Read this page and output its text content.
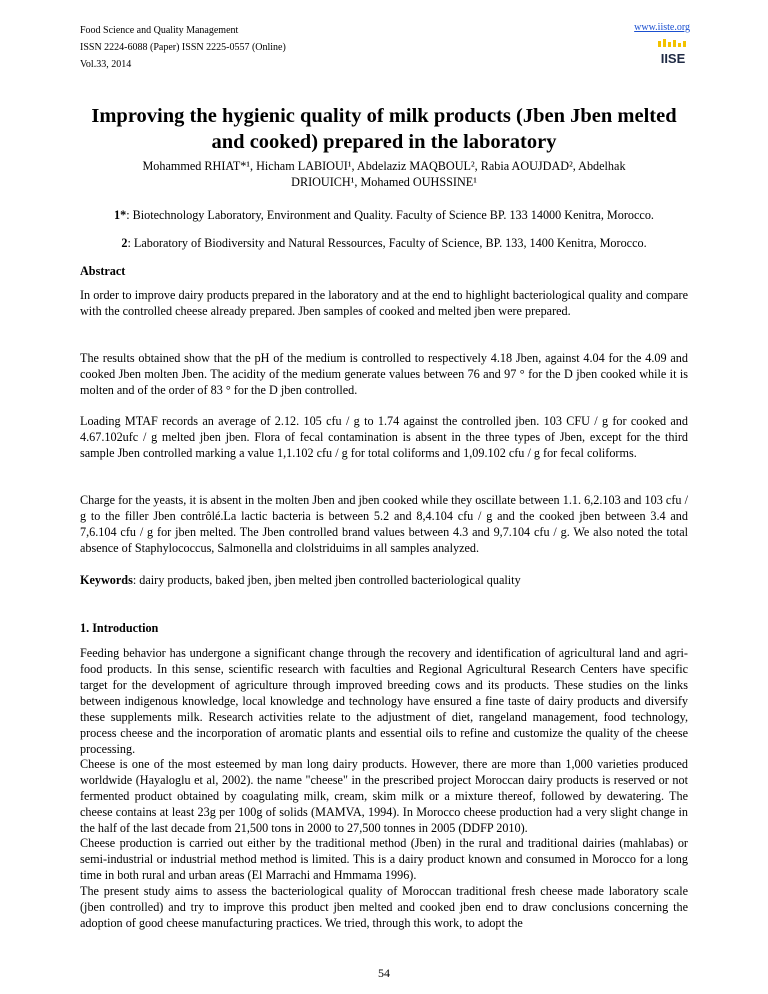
Food Science and Quality Management
ISSN 2224-6088 (Paper) ISSN 2225-0557 (Online)
Vol.33, 2014
www.iiste.org
IISE
Improving the hygienic quality of milk products (Jben Jben melted and cooked) prepared in the laboratory
Mohammed RHIAT*¹, Hicham LABIOUI¹, Abdelaziz MAQBOUL², Rabia AOUJDAD², Abdelhak
DRIOUICH¹, Mohamed OUHSSINE¹
1*: Biotechnology Laboratory, Environment and Quality. Faculty of Science BP. 133 14000 Kenitra, Morocco.
2: Laboratory of Biodiversity and Natural Ressources, Faculty of Science, BP. 133, 1400 Kenitra, Morocco.
Abstract
In order to improve dairy products prepared in the laboratory and at the end to highlight bacteriological quality and compare with the controlled cheese already prepared. Jben samples of cooked and melted jben were prepared.
The results obtained show that the pH of the medium is controlled to respectively 4.18 Jben, against 4.04 for the 4.09 and cooked Jben molten Jben. The acidity of the medium generate values between 76 and 97 ° for the D jben cooked while it is molten and of the order of 83 ° for the D jben controlled.
Loading MTAF records an average of 2.12. 105 cfu / g to 1.74 against the controlled jben. 103 CFU / g for cooked and 4.67.102ufc / g melted jben jben. Flora of fecal contamination is absent in the three types of Jben, except for the third sample Jben controlled marking a value 1,1.102 cfu / g for total coliforms and 1,09.102 cfu / g for fecal coliforms.
Charge for the yeasts, it is absent in the molten Jben and jben cooked while they oscillate between 1.1. 6,2.103 and 103 cfu / g to the filler Jben contrôlé.La lactic bacteria is between 5.2 and 8,4.104 cfu / g and the cooked jben between 3.4 and 7,6.104 cfu / g for jben melted. The Jben controlled brand values between 4.3 and 9,7.104 cfu / g. We also noted the total absence of Staphylococcus, Salmonella and clolstriduims in all samples analyzed.
Keywords: dairy products, baked jben, jben melted jben controlled bacteriological quality
1. Introduction
Feeding behavior has undergone a significant change through the recovery and identification of agricultural land and agri-food products. In this sense, scientific research with faculties and Regional Agricultural Research Centers have specific target for the development of agriculture through improved breeding cows and its products. These studies on the links between indigenous knowledge, local knowledge and technology have ensured a fine taste of dairy products and diversify these supplements milk. Research activities relate to the adjustment of diet, rangeland management, food technology, process cheese and the incorporation of aromatic plants and essential oils to refine and customize the quality of the cheese processing.
Cheese is one of the most esteemed by man long dairy products. However, there are more than 1,000 varieties produced worldwide (Hayaloglu et al, 2002). the name "cheese" in the prescribed project Moroccan dairy products is reserved or not fermented product obtained by coagulating milk, cream, skim milk or a mixture thereof, followed by dewatering. The cheese contains at least 23g per 100g of solids (MAMVA, 1994). In Morocco cheese production had a very slight change in the half of the last decade from 21,500 tons in 2000 to 27,500 tonnes in 2005 (DDFP 2010).
Cheese production is carried out either by the traditional method (Jben) in the rural and traditional dairies (mahlabas) or semi-industrial or industrial method method is limited. This is a dairy product known and consumed in Morocco for a long time in both rural and urban areas (El Marrachi and Hmmama 1996).
The present study aims to assess the bacteriological quality of Moroccan traditional fresh cheese made laboratory scale (jben controlled) and try to improve this product jben melted and cooked jben end to draw conclusions concerning the adoption of good cheese manufacturing practices. We tried, through this work, to adopt the
54
